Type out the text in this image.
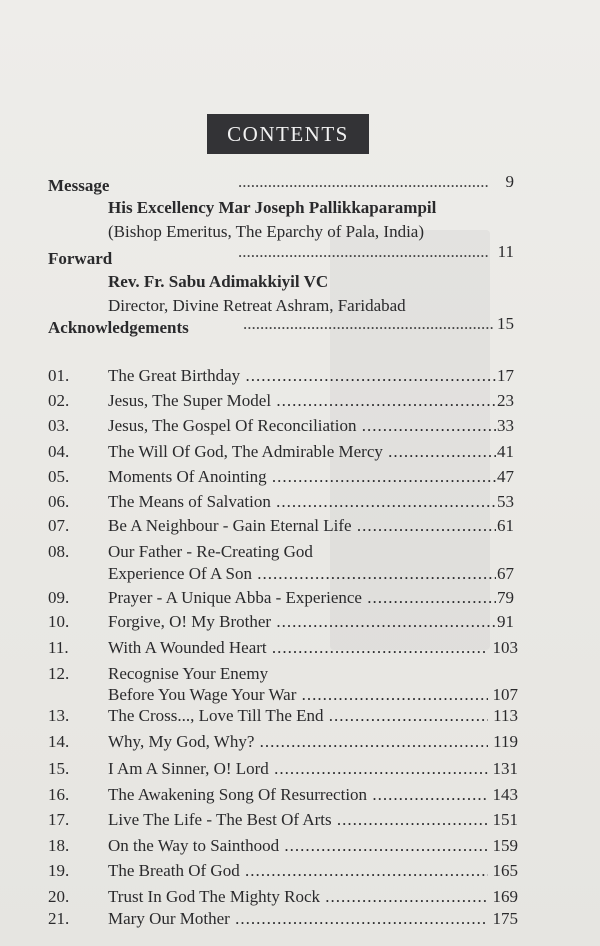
CONTENTS
Message	........................................................... 9
His Excellency Mar Joseph Pallikkaparampil
(Bishop Emeritus, The Eparchy of Pala, India)
Forward	........................................................... 11
Rev. Fr. Sabu Adimakkiyil VC
Director, Divine Retreat Ashram, Faridabad
Acknowledgements	........................................................... 15
01. The Great Birthday .....	17
02. Jesus, The Super Model .....	23
03. Jesus, The Gospel Of Reconciliation .....	33
04. The Will Of God, The Admirable Mercy .....	41
05. Moments Of Anointing .....	47
06. The Means of Salvation .....	53
07. Be A Neighbour - Gain Eternal Life .....	61
08. Our Father - Re-Creating God
Experience Of A Son .....	67
09. Prayer - A Unique Abba - Experience .....	79
10. Forgive, O! My Brother .....	91
11. With A Wounded Heart .....	103
12. Recognise Your Enemy
Before You Wage Your War .....	107
13. The Cross..., Love Till The End .....	113
14. Why, My God, Why? .....	119
15. I Am A Sinner, O! Lord .....	131
16. The Awakening Song Of Resurrection .....	143
17. Live The Life - The Best Of Arts .....	151
18. On the Way to Sainthood .....	159
19. The Breath Of God .....	165
20. Trust In God The Mighty Rock .....	169
21. Mary Our Mother .....	175
